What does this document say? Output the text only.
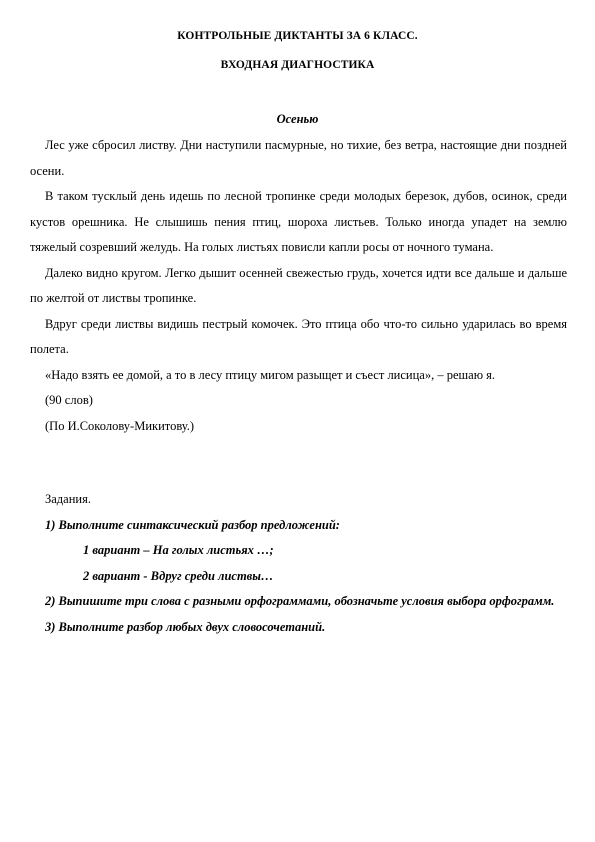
КОНТРОЛЬНЫЕ ДИКТАНТЫ ЗА 6 КЛАСС.
ВХОДНАЯ ДИАГНОСТИКА
Осенью

Лес уже сбросил листву. Дни наступили пасмурные, но тихие, без ветра, настоящие дни поздней осени.

В таком тусклый день идешь по лесной тропинке среди молодых березок, дубов, осинок, среди кустов орешника. Не слышишь пения птиц, шороха листьев. Только иногда упадет на землю тяжелый созревший желудь. На голых листьях повисли капли росы от ночного тумана.

Далеко видно кругом. Легко дышит осенней свежестью грудь, хочется идти все дальше и дальше по желтой от листвы тропинке.

Вдруг среди листвы видишь пестрый комочек. Это птица обо что-то сильно ударилась во время полета.

«Надо взять ее домой, а то в лесу птицу мигом разыщет и съест лисица», – решаю я.

(90 слов)

(По И.Соколову-Микитову.)

Задания.

1) Выполните синтаксический разбор предложений:

1 вариант – На голых листьях …;

2 вариант - Вдруг среди листвы…

2) Выпишите три слова с разными орфограммами, обозначьте условия выбора орфограмм.

3) Выполните разбор любых двух словосочетаний.
